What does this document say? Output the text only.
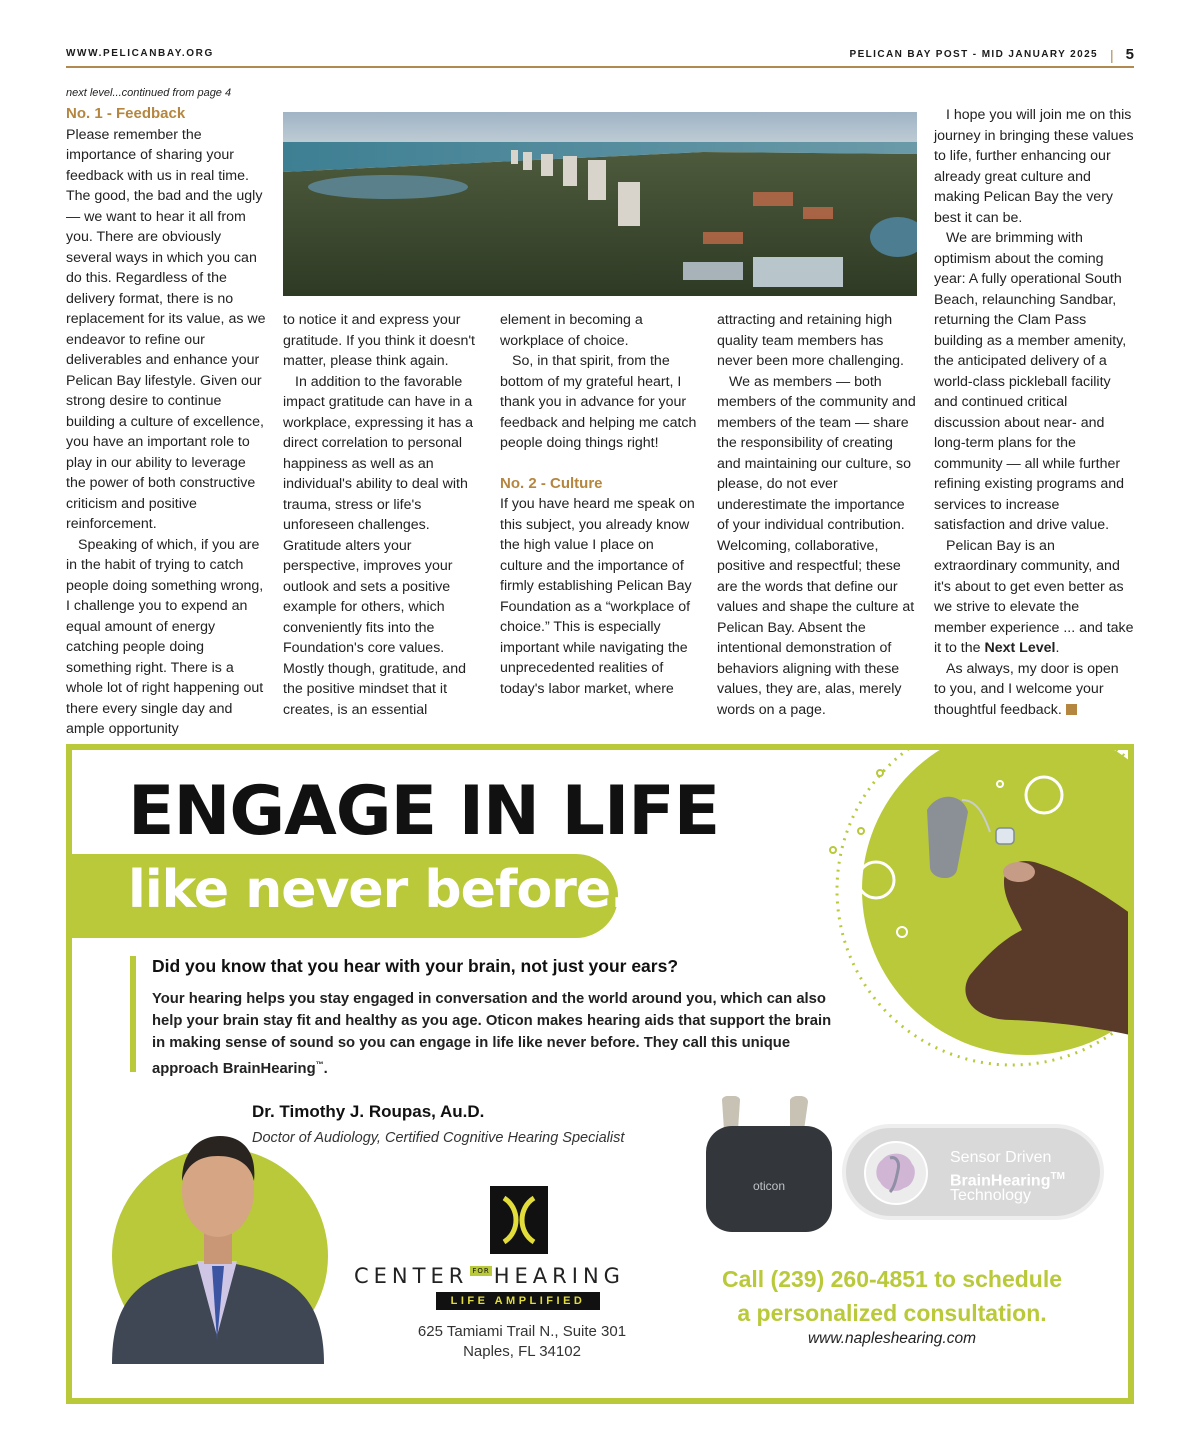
WWW.PELICANBAY.ORG	PELICAN BAY POST - MID JANUARY 2025 | 5
next level...continued from page 4
No. 1 - Feedback

Please remember the importance of sharing your feedback with us in real time. The good, the bad and the ugly — we want to hear it all from you. There are obviously several ways in which you can do this. Regardless of the delivery format, there is no replacement for its value, as we endeavor to refine our deliverables and enhance your Pelican Bay lifestyle. Given our strong desire to continue building a culture of excellence, you have an important role to play in our ability to leverage the power of both constructive criticism and positive reinforcement.

Speaking of which, if you are in the habit of trying to catch people doing something wrong, I challenge you to expend an equal amount of energy catching people doing something right. There is a whole lot of right happening out there every single day and ample opportunity

to notice it and express your gratitude. If you think it doesn't matter, please think again.

In addition to the favorable impact gratitude can have in a workplace, expressing it has a direct correlation to personal happiness as well as an individual's ability to deal with trauma, stress or life's unforeseen challenges. Gratitude alters your perspective, improves your outlook and sets a positive example for others, which conveniently fits into the Foundation's core values. Mostly though, gratitude, and the positive mindset that it creates, is an essential

element in becoming a workplace of choice.

So, in that spirit, from the bottom of my grateful heart, I thank you in advance for your feedback and helping me catch people doing things right!

No. 2 - Culture

If you have heard me speak on this subject, you already know the high value I place on culture and the importance of firmly establishing Pelican Bay Foundation as a “workplace of choice.” This is especially important while navigating the unprecedented realities of today's labor market, where

attracting and retaining high quality team members has never been more challenging.

We as members — both members of the community and members of the team — share the responsibility of creating and maintaining our culture, so please, do not ever underestimate the importance of your individual contribution. Welcoming, collaborative, positive and respectful; these are the words that define our values and shape the culture at Pelican Bay. Absent the intentional demonstration of behaviors aligning with these values, they are, alas, merely words on a page.

I hope you will join me on this journey in bringing these values to life, further enhancing our already great culture and making Pelican Bay the very best it can be.

We are brimming with optimism about the coming year: A fully operational South Beach, relaunching Sandbar, returning the Clam Pass building as a member amenity, the anticipated delivery of a world-class pickleball facility and continued critical discussion about near- and long-term plans for the community — all while further refining existing programs and services to increase satisfaction and drive value.

Pelican Bay is an extraordinary community, and it's about to get even better as we strive to elevate the member experience ... and take it to the Next Level.

As always, my door is open to you, and I welcome your thoughtful feedback.

ENGAGE IN LIFE
like never before.
Did you know that you hear with your brain, not just your ears?
Your hearing helps you stay engaged in conversation and the world around you, which can also help your brain stay fit and healthy as you age. Oticon makes hearing aids that support the brain in making sense of sound so you can engage in life like never before. They call this unique approach BrainHearing™.
Dr. Timothy J. Roupas, Au.D.
Doctor of Audiology, Certified Cognitive Hearing Specialist
CENTER $^{FOR}$ HEARING
LIFE AMPLIFIED
625 Tamiami Trail N., Suite 301
Naples, FL 34102
oticon
Sensor Driven
BrainHearing™
Technology
Call (239) 260-4851 to schedule
a personalized consultation.
www.napleshearing.com
